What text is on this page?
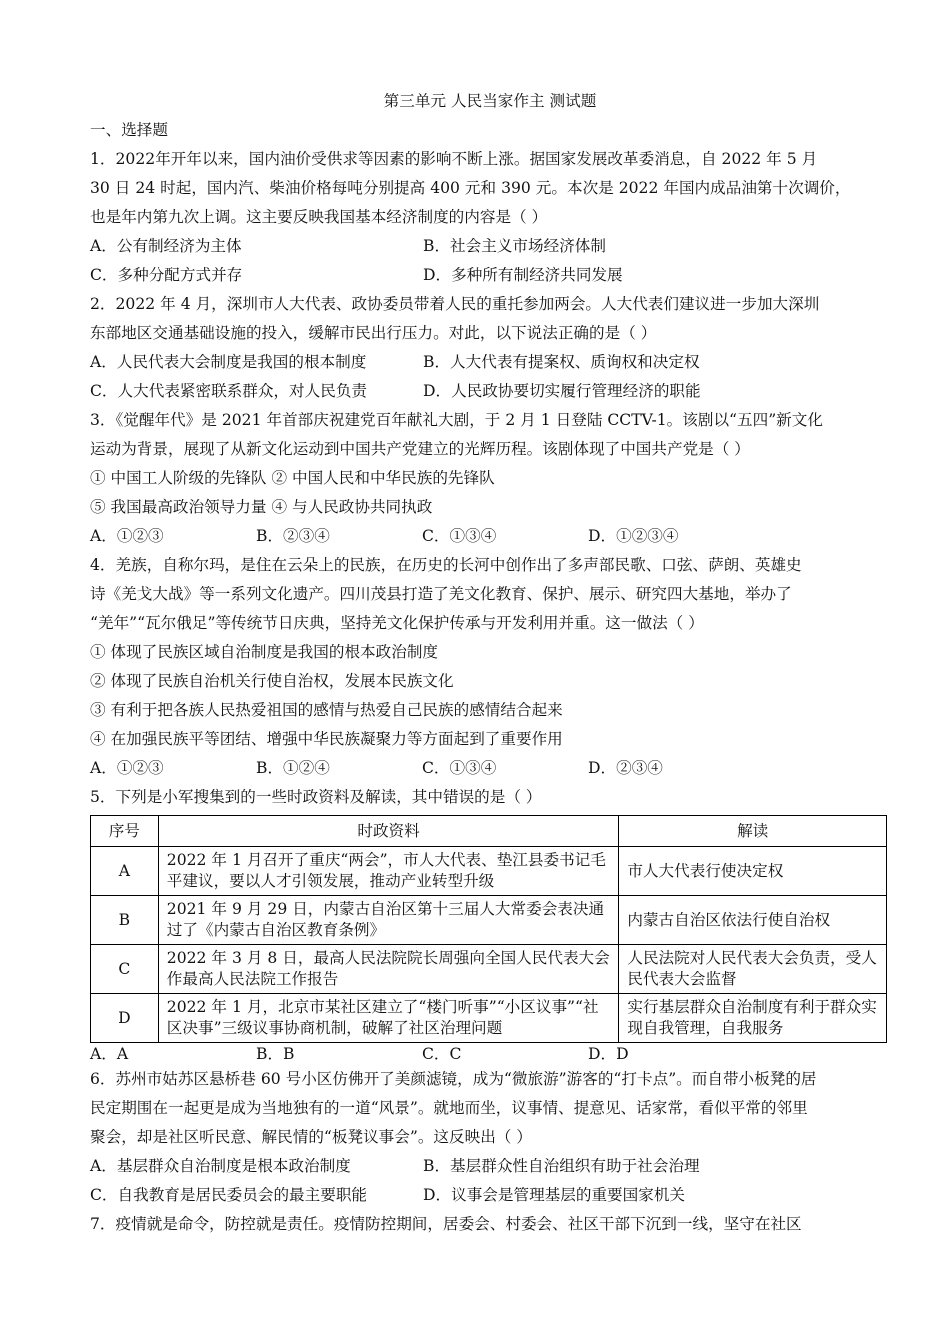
第三单元 人民当家作主 测试题
一、选择题
1．2022年开年以来，国内油价受供求等因素的影响不断上涨。据国家发展改革委消息，自 2022 年 5 月
30 日 24 时起，国内汽、柴油价格每吨分别提高 400 元和 390 元。本次是 2022 年国内成品油第十次调价，
也是年内第九次上调。这主要反映我国基本经济制度的内容是（ ）
A．公有制经济为主体	B．社会主义市场经济体制
C．多种分配方式并存	D．多种所有制经济共同发展
2．2022 年 4 月，深圳市人大代表、政协委员带着人民的重托参加两会。人大代表们建议进一步加大深圳
东部地区交通基础设施的投入，缓解市民出行压力。对此，以下说法正确的是（ ）
A．人民代表大会制度是我国的根本制度	B．人大代表有提案权、质询权和决定权
C．人大代表紧密联系群众，对人民负责	D．人民政协要切实履行管理经济的职能
3．《觉醒年代》是 2021 年首部庆祝建党百年献礼大剧，于 2 月 1 日登陆 CCTV-1。该剧以“五四”新文化
运动为背景，展现了从新文化运动到中国共产党建立的光辉历程。该剧体现了中国共产党是（ ）
① 中国工人阶级的先锋队 ② 中国人民和中华民族的先锋队
⑤ 我国最高政治领导力量 ④ 与人民政协共同执政
A．①②③	B．②③④	C．①③④	D．①②③④
4．羌族，自称尔玛，是住在云朵上的民族，在历史的长河中创作出了多声部民歌、口弦、萨朗、英雄史
诗《羌戈大战》等一系列文化遗产。四川茂县打造了羌文化教育、保护、展示、研究四大基地，举办了
“羌年”“瓦尔俄足”等传统节日庆典，坚持羌文化保护传承与开发利用并重。这一做法（ ）
① 体现了民族区域自治制度是我国的根本政治制度
② 体现了民族自治机关行使自治权，发展本民族文化
③ 有利于把各族人民热爱祖国的感情与热爱自己民族的感情结合起来
④ 在加强民族平等团结、增强中华民族凝聚力等方面起到了重要作用
A．①②③	B．①②④	C．①③④	D．②③④
5．下列是小军搜集到的一些时政资料及解读，其中错误的是（ ）
序号	时政资料	解读
A	2022 年 1 月召开了重庆“两会”，市人大代表、垫江县委书记毛平建议，要以人才引领发展，推动产业转型升级	市人大代表行使决定权
B	2021 年 9 月 29 日，内蒙古自治区第十三届人大常委会表决通过了《内蒙古自治区教育条例》	内蒙古自治区依法行使自治权
C	2022 年 3 月 8 日，最高人民法院院长周强向全国人民代表大会作最高人民法院工作报告	人民法院对人民代表大会负责，受人民代表大会监督
D	2022 年 1 月，北京市某社区建立了“楼门听事”“小区议事”“社区决事”三级议事协商机制，破解了社区治理问题	实行基层群众自治制度有利于群众实现自我管理，自我服务
A．A	B．B	C．C	D．D
6．苏州市姑苏区悬桥巷 60 号小区仿佛开了美颜滤镜，成为“微旅游”游客的“打卡点”。而自带小板凳的居
民定期围在一起更是成为当地独有的一道“风景”。就地而坐，议事情、提意见、话家常，看似平常的邻里
聚会，却是社区听民意、解民情的“板凳议事会”。这反映出（ ）
A．基层群众自治制度是根本政治制度	B．基层群众性自治组织有助于社会治理
C．自我教育是居民委员会的最主要职能	D．议事会是管理基层的重要国家机关
7．疫情就是命令，防控就是责任。疫情防控期间，居委会、村委会、社区干部下沉到一线，坚守在社区
